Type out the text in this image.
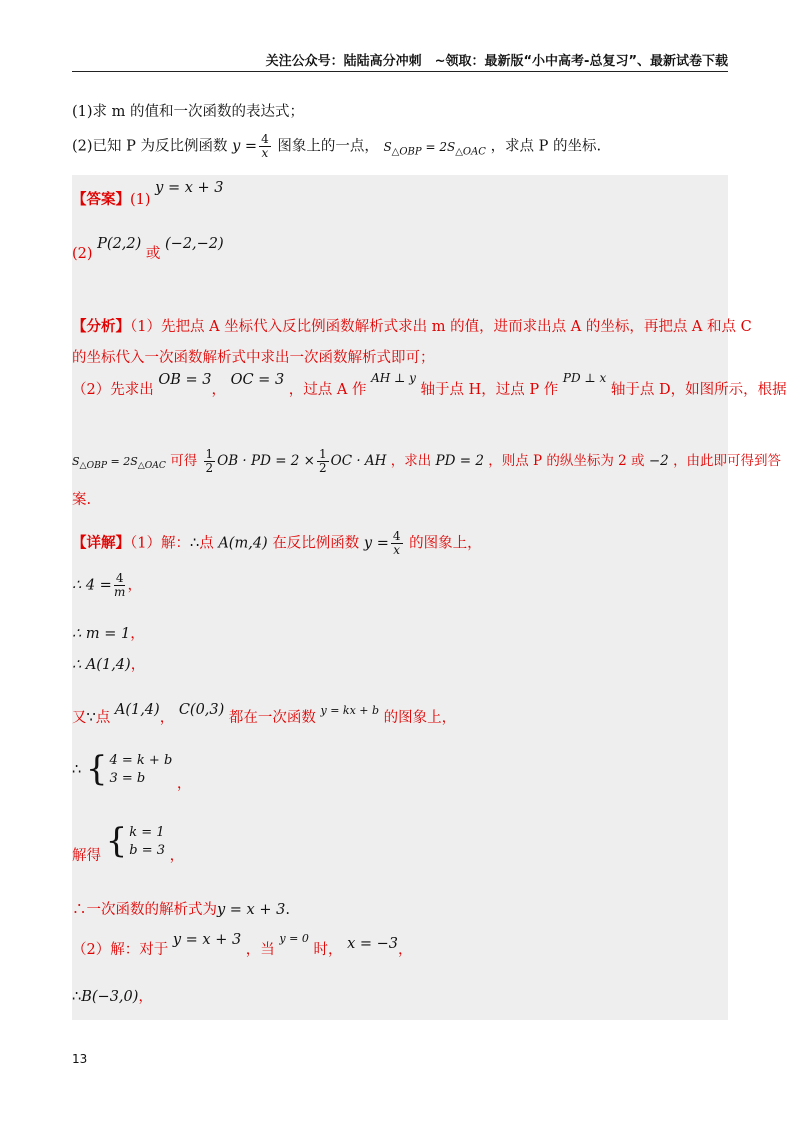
关注公众号：陆陆高分冲刺　~领取：最新版“小中高考-总复习”、最新试卷下载
(1)求 m 的值和一次函数的表达式；
(2)已知 P 为反比例函数 $y = \frac{4}{x}$ 图象上的一点， $S_{\triangle OBP} = 2S_{\triangle OAC}$ ，求点 P 的坐标.
【答案】(1) y = x + 3
(2) P(2,2) 或 (−2,−2)
【分析】（1）先把点 A 坐标代入反比例函数解析式求出 m 的值，进而求出点 A 的坐标，再把点 A 和点 C
的坐标代入一次函数解析式中求出一次函数解析式即可；
（2）先求出 OB = 3， OC = 3 ，过点 A 作 $^{AH \perp y}$ 轴于点 H，过点 P 作 $^{PD \perp x}$ 轴于点 D，如图所示，根据
$S_{\triangle OBP} = 2S_{\triangle OAC}$ 可得 $\frac{1}{2}$ OB · PD = $2 \times \frac{1}{2}$ OC · AH ，求出 PD = 2 ，则点 P 的纵坐标为 2 或 −2 ，由此即可得到答
案.
【详解】（1）解：∴点 A(m,4) 在反比例函数 $y = \frac{4}{x}$ 的图象上，
∴ $4 = \frac{4}{m}$ ，
∴ m = 1，
∴ A(1,4)，
又∵点 A(1,4)， C(0,3) 都在一次函数 $^{y = kx + b}$ 的图象上，
∴ { 4 = k + b
3 = b	，
解得 { k = 1
b = 3 ，
∴一次函数的解析式为y = x + 3.
（2）解：对于 y = x + 3 ，当 $^{y = 0}$ 时， x = −3，
∴B(−3,0)，
13
